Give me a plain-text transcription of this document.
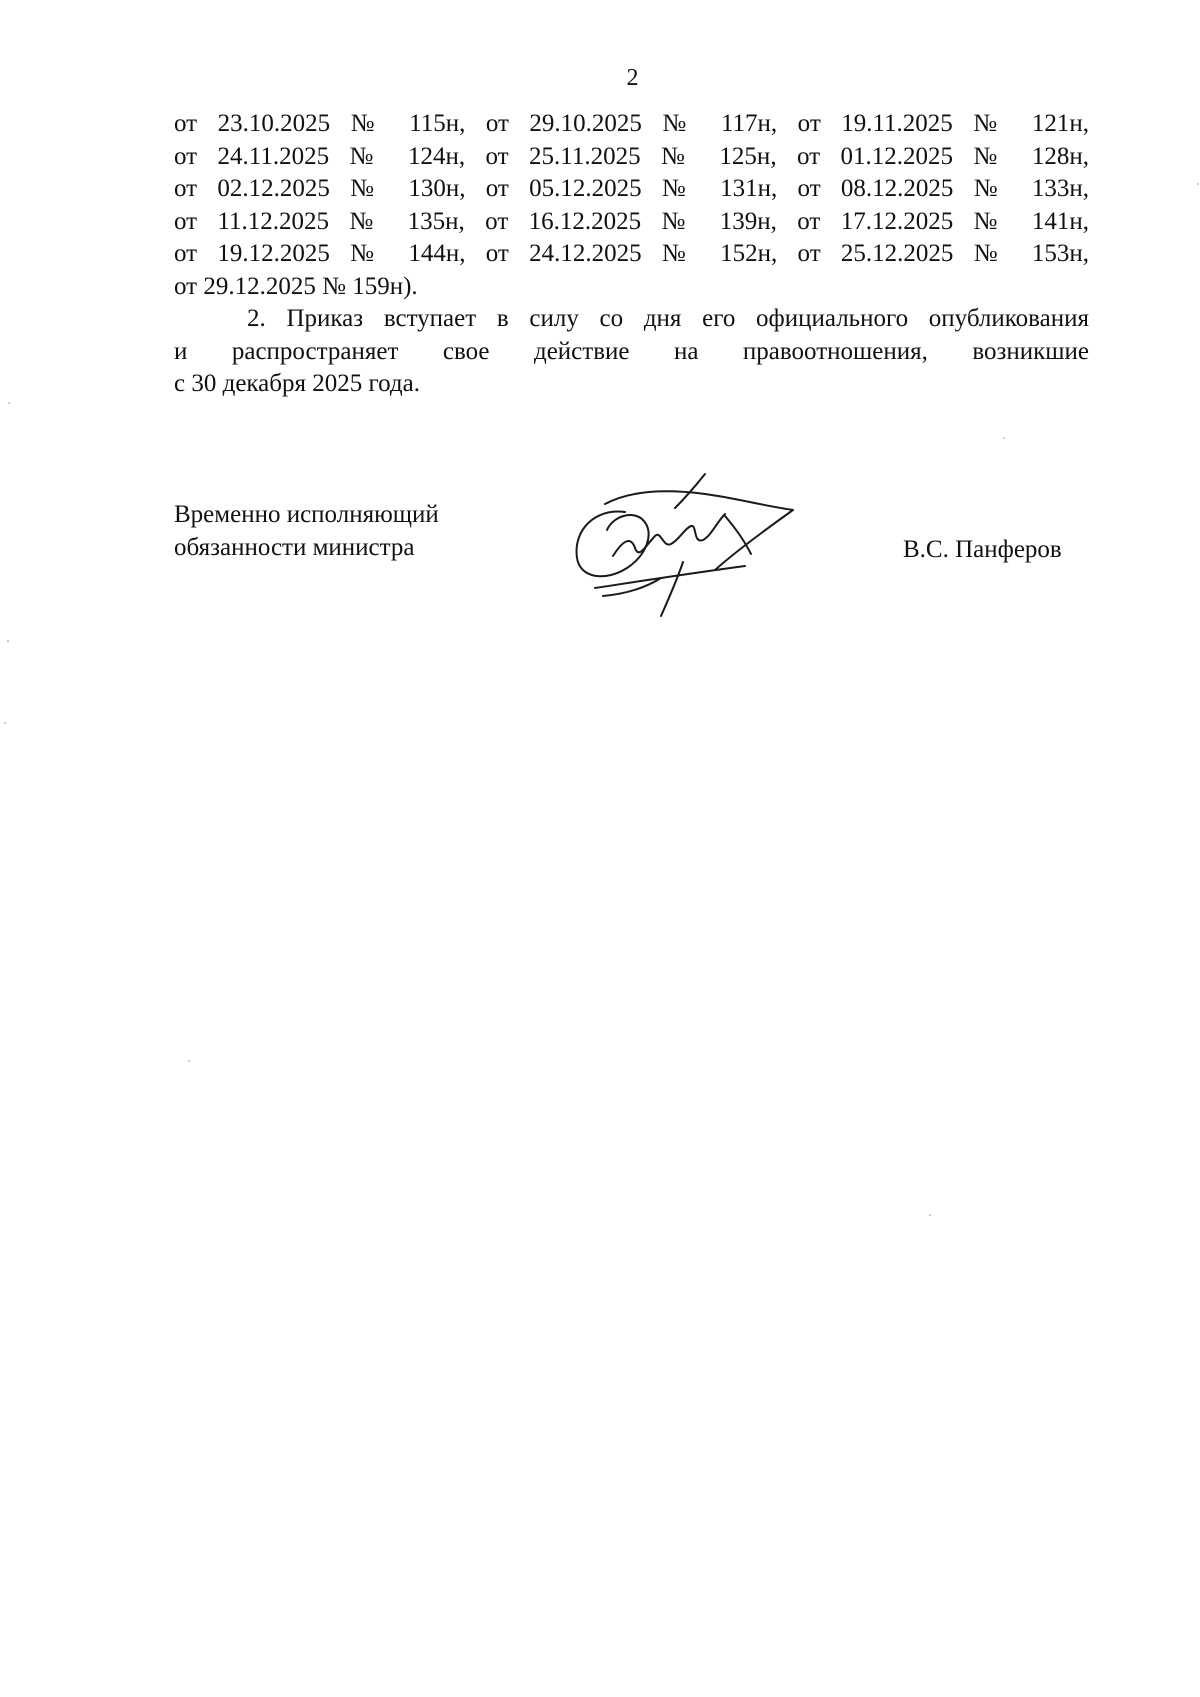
2

от 23.10.2025 № 115н, от 29.10.2025 № 117н, от 19.11.2025 № 121н,

от 24.11.2025 № 124н, от 25.11.2025 № 125н, от 01.12.2025 № 128н,

от 02.12.2025 № 130н, от 05.12.2025 № 131н, от 08.12.2025 № 133н,

от 11.12.2025 № 135н, от 16.12.2025 № 139н, от 17.12.2025 № 141н,

от 19.12.2025 № 144н, от 24.12.2025 № 152н, от 25.12.2025 № 153н,

от 29.12.2025 № 159н).

2. Приказ вступает в силу со дня его официального опубликования

и распространяет свое действие на правоотношения, возникшие

с 30 декабря 2025 года.

Временно исполняющий
обязанности министра	В.С. Панферов
